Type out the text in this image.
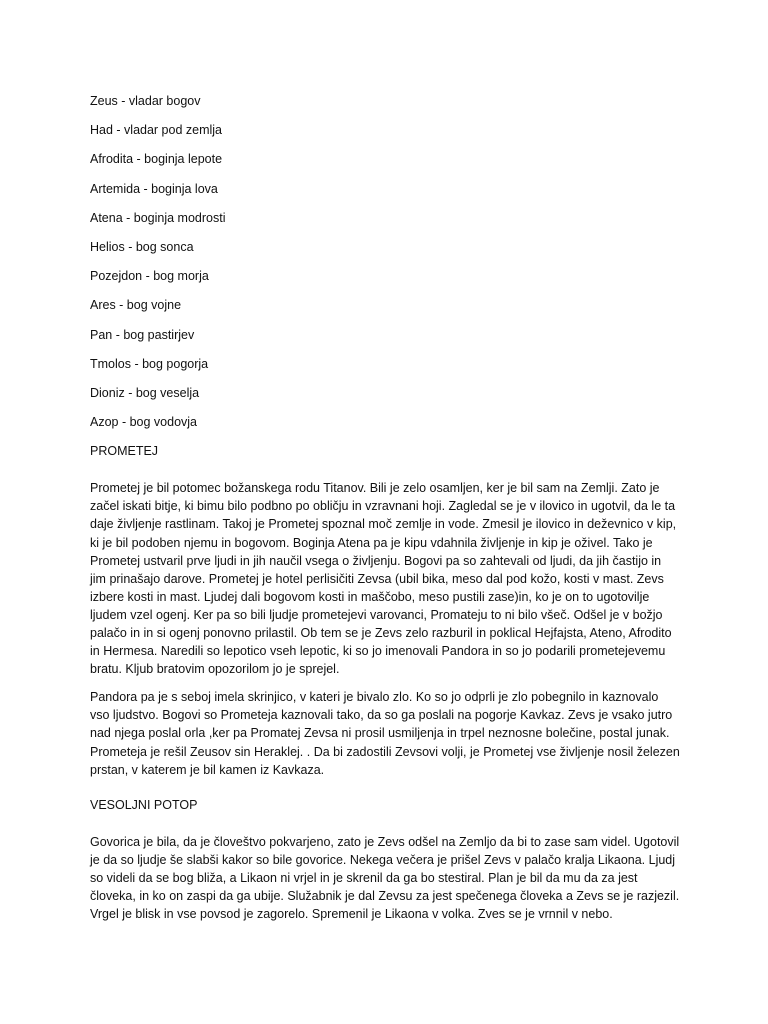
Zeus - vladar bogov
Had - vladar pod zemlja
Afrodita - boginja lepote
Artemida - boginja lova
Atena - boginja modrosti
Helios - bog sonca
Pozejdon - bog morja
Ares - bog vojne
Pan - bog pastirjev
Tmolos - bog pogorja
Dioniz - bog veselja
Azop - bog vodovja

PROMETEJ

Prometej je bil potomec božanskega rodu Titanov. Bili je zelo osamljen, ker je bil sam na Zemlji. Zato je začel iskati bitje, ki bimu bilo podbno po obličju in vzravnani hoji. Zagledal se je v ilovico in ugotvil, da le ta daje življenje rastlinam. Takoj je Prometej spoznal moč zemlje in vode. Zmesil je ilovico in deževnico v kip, ki je bil podoben njemu in bogovom. Boginja Atena pa je kipu vdahnila življenje in kip je oživel. Tako je Prometej ustvaril prve ljudi in jih naučil vsega o življenju. Bogovi pa so zahtevali od ljudi, da jih častijo in jim prinašajo darove. Prometej je hotel perlisičiti Zevsa (ubil bika, meso dal pod kožo, kosti v mast. Zevs izbere kosti in mast. Ljudej dali bogovom kosti in maščobo, meso pustili zase)in, ko je on to ugotovilje ljudem vzel ogenj. Ker pa so bili ljudje prometejevi varovanci, Promateju to ni bilo všeč. Odšel je v božjo palačo in in si ogenj ponovno prilastil. Ob tem se je Zevs zelo razburil in poklical Hejfajsta, Ateno, Afrodito in Hermesa. Naredili so lepotico vseh lepotic, ki so jo imenovali Pandora in so jo podarili prometejevemu bratu. Kljub bratovim opozorilom jo je sprejel.

Pandora pa je s seboj imela skrinjico, v kateri je bivalo zlo. Ko so jo odprli je zlo pobegnilo in kaznovalo vso ljudstvo. Bogovi so Prometeja kaznovali tako, da so ga poslali na pogorje Kavkaz. Zevs je vsako jutro nad njega poslal orla ,ker pa Promatej Zevsa ni prosil usmiljenja in trpel neznosne bolečine, postal junak. Prometeja je rešil Zeusov sin Heraklej. . Da bi zadostili Zevsovi volji, je Prometej vse življenje nosil železen prstan, v katerem je bil kamen iz Kavkaza.

VESOLJNI POTOP

Govorica je bila, da je človeštvo pokvarjeno, zato je Zevs odšel na Zemljo da bi to zase sam videl. Ugotovil je da so ljudje še slabši kakor so bile govorice. Nekega večera je prišel Zevs v palačo kralja Likaona. Ljudj so videli da se bog bliža, a Likaon ni vrjel in je skrenil da ga bo stestiral. Plan je bil da mu da za jest človeka, in ko on zaspi da ga ubije. Služabnik je dal Zevsu za jest spečenega človeka a Zevs se je razjezil. Vrgel je blisk in vse povsod je zagorelo. Spremenil je Likaona v volka. Zves se je vrnnil v nebo.
